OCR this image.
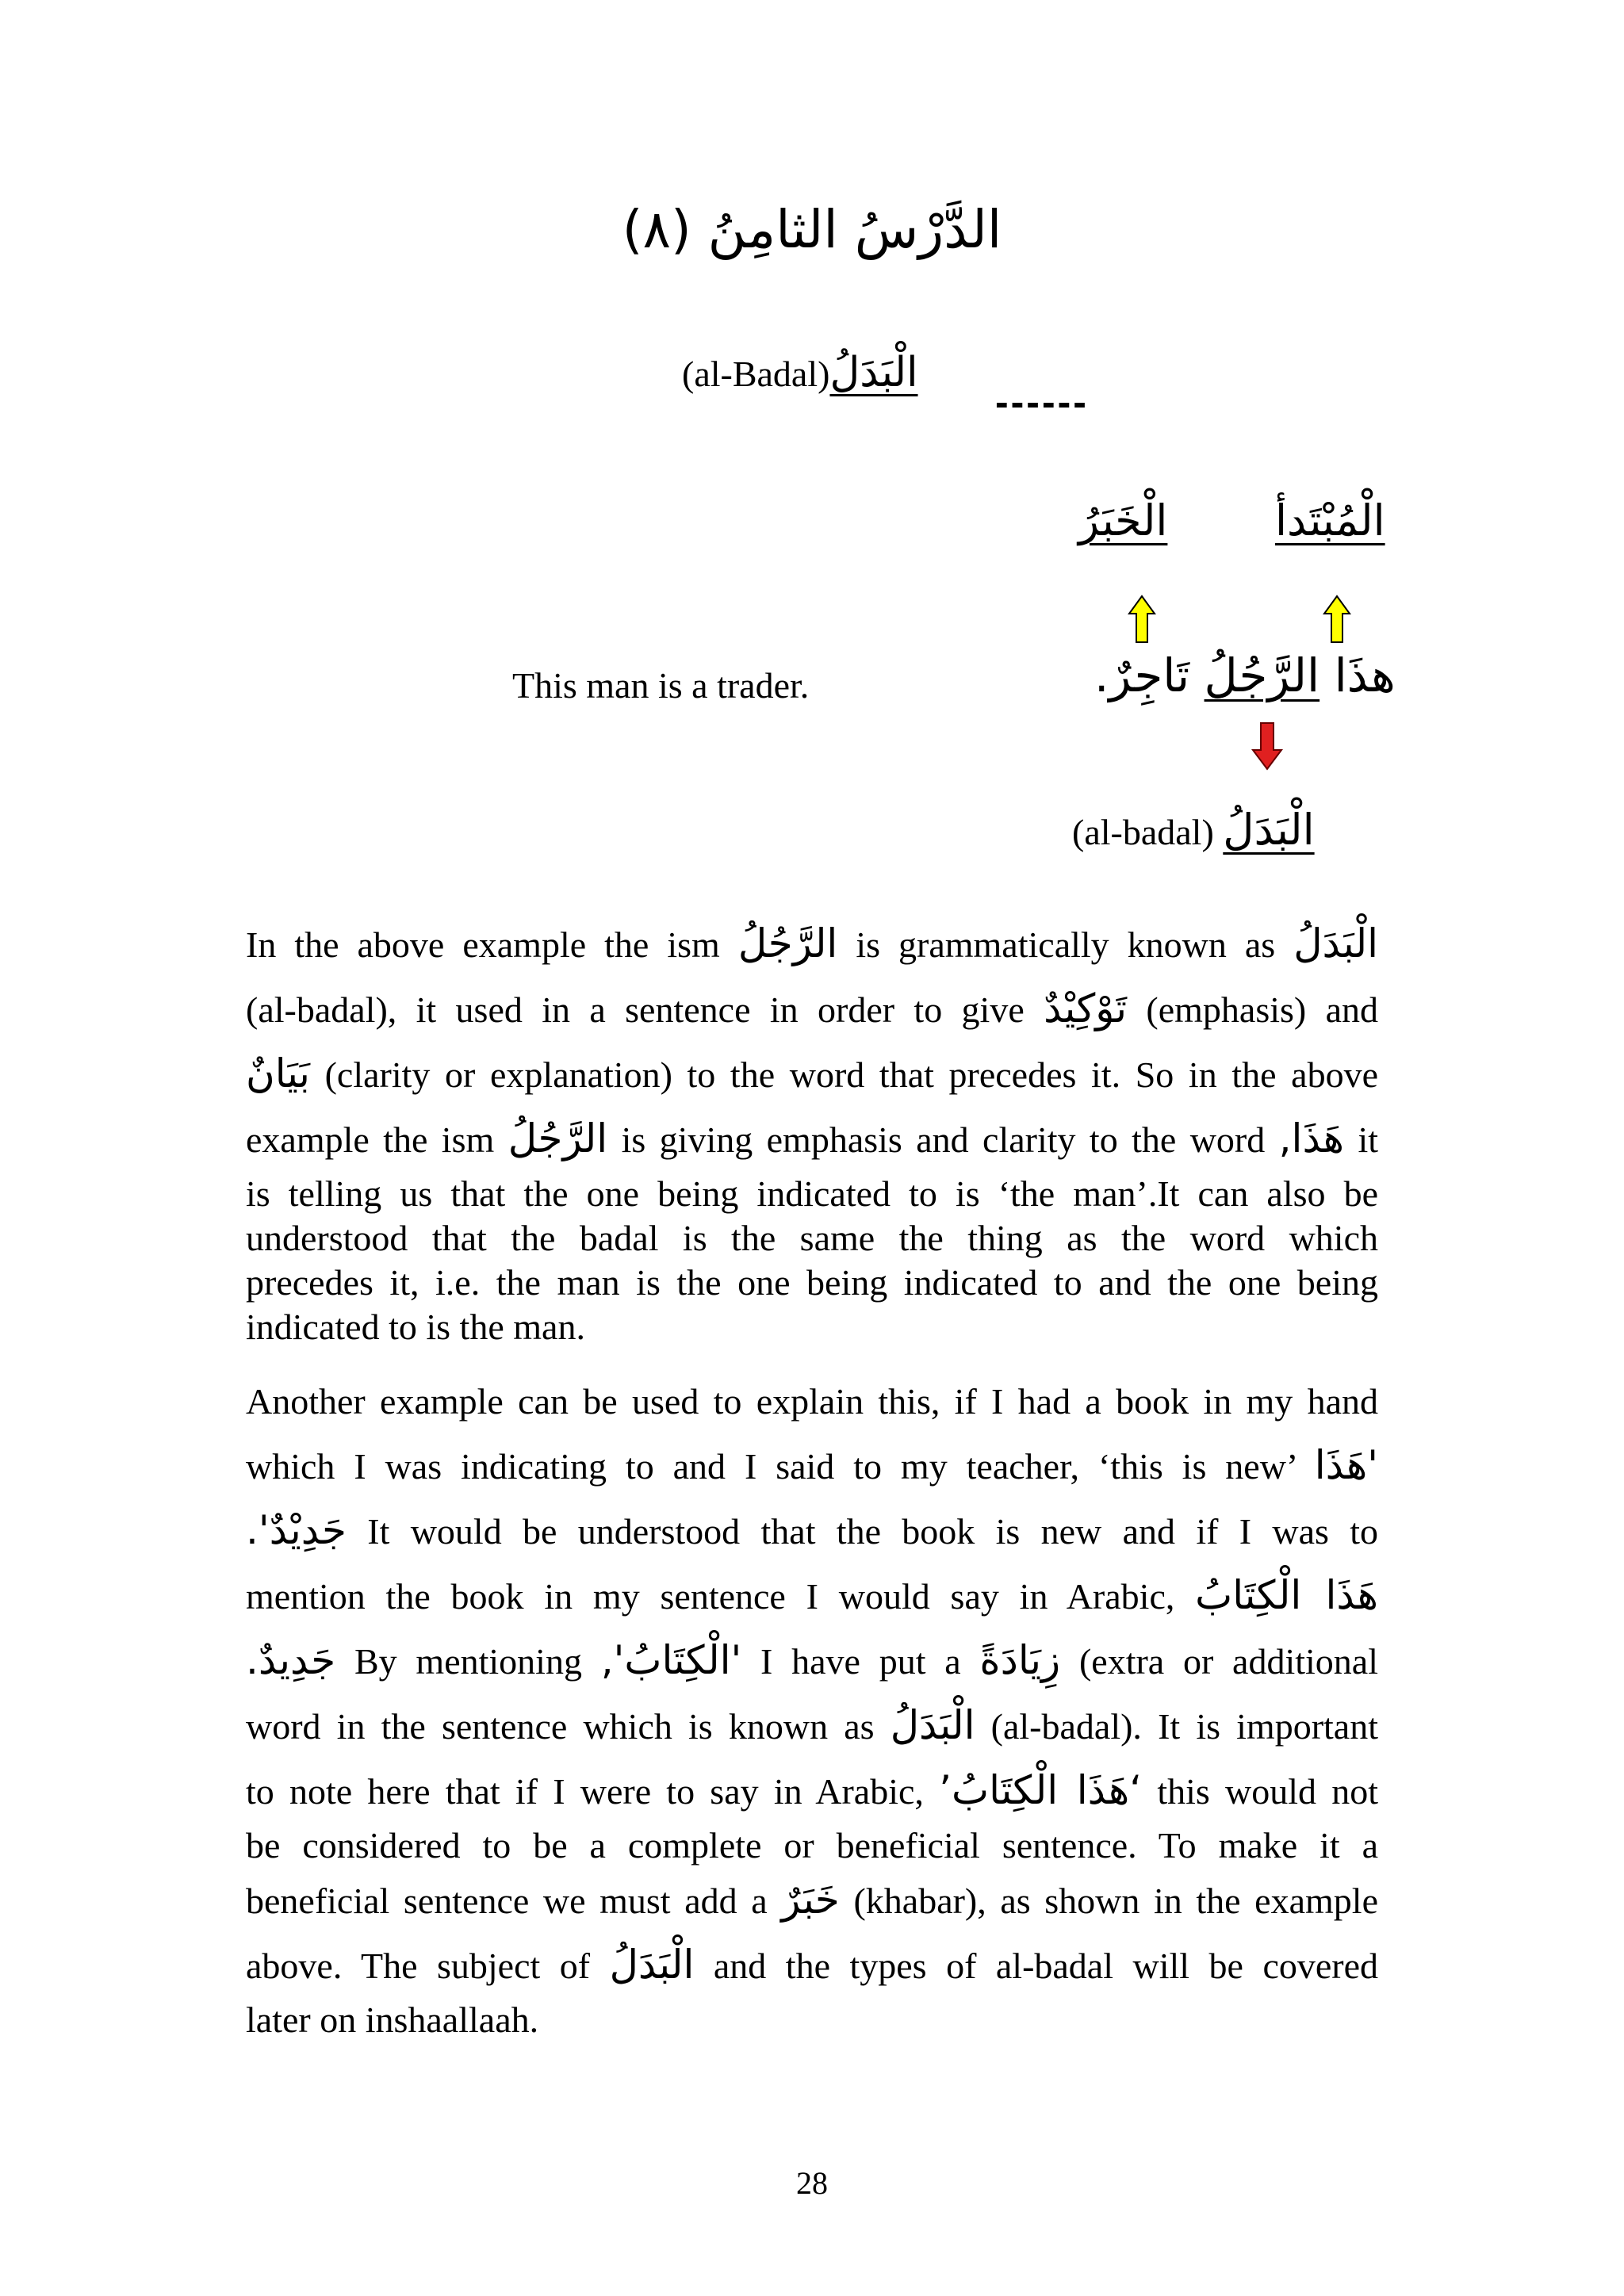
الدَّرْسُ الثامِنُ (٨)
(al-Badal)الْبَدَلُ
------
الْمُبْتَدأ
الْخَبَرُ
هذَا الرَّجُلُ تَاجِرٌ.
This man is a trader.
(al-badal) الْبَدَلُ
In the above example the ism الرَّجُلُ is grammatically known as الْبَدَلُ
(al-badal), it used in a sentence in order to give تَوْكِيْدٌ (emphasis) and
بَيَانٌ (clarity or explanation) to the word that precedes it. So in the above
example the ism الرَّجُلُ is giving emphasis and clarity to the word هَذَا, it
is telling us that the one being indicated to is ‘the man’.It can also be
understood that the badal is the same the thing as the word which
precedes it, i.e. the man is the one being indicated to and the one being
indicated to is the man.
Another example can be used to explain this, if I had a book in my hand
which I was indicating to and I said to my teacher, ‘this is new’ 'هَذَا
جَدِيْدٌ'. It would be understood that the book is new and if I was to
mention the book in my sentence I would say in Arabic, هَذَا الْكِتَابُ
جَدِيدٌ. By mentioning 'الْكِتَابُ', I have put a زِيَادَةً (extra or additional
word in the sentence which is known as الْبَدَلُ (al-badal). It is important
to note here that if I were to say in Arabic, ‘هَذَا الْكِتَابُ’ this would not
be considered to be a complete or beneficial sentence. To make it a
beneficial sentence we must add a خَبَرٌ (khabar), as shown in the example
above. The subject of الْبَدَلُ and the types of al-badal will be covered
later on inshaallaah.
28
